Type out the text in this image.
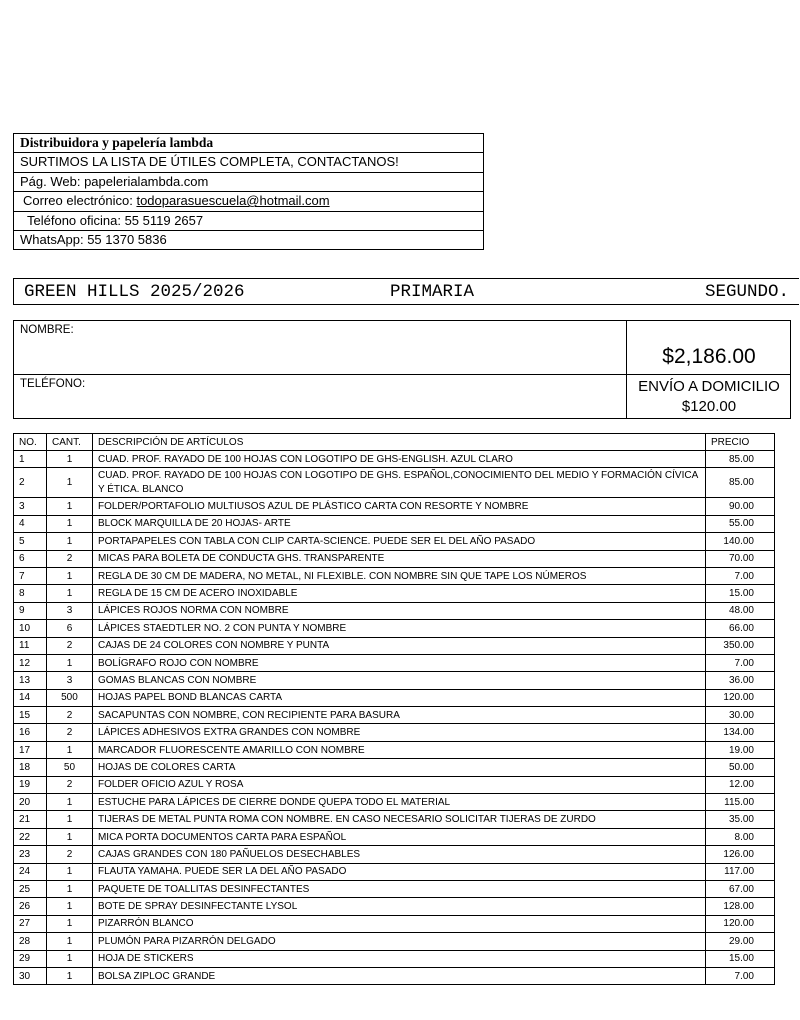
Distribuidora y papelería lambda
SURTIMOS LA LISTA DE ÚTILES COMPLETA, CONTACTANOS!
Pág. Web: papelerialambda.com
Correo electrónico: todoparasuescuela@hotmail.com
Teléfono oficina: 55 5119 2657
WhatsApp: 55 1370 5836
GREEN HILLS 2025/2026	PRIMARIA	SEGUNDO.
NOMBRE:
TELÉFONO:
$2,186.00
ENVÍO A DOMICILIO
$120.00
NO.	CANT.	DESCRIPCIÓN DE ARTÍCULOS	PRECIO
1	1	CUAD. PROF. RAYADO DE 100 HOJAS CON LOGOTIPO DE GHS-ENGLISH. AZUL CLARO	85.00
2	1	CUAD. PROF. RAYADO DE 100 HOJAS CON LOGOTIPO DE GHS. ESPAÑOL,CONOCIMIENTO DEL MEDIO Y FORMACIÓN CÍVICA Y ÉTICA. BLANCO	85.00
3	1	FOLDER/PORTAFOLIO MULTIUSOS AZUL DE PLÁSTICO CARTA CON RESORTE Y NOMBRE	90.00
4	1	BLOCK MARQUILLA DE 20 HOJAS- ARTE	55.00
5	1	PORTAPAPELES CON TABLA CON CLIP CARTA-SCIENCE. PUEDE SER EL DEL AÑO PASADO	140.00
6	2	MICAS PARA BOLETA DE CONDUCTA GHS. TRANSPARENTE	70.00
7	1	REGLA DE 30 CM DE MADERA, NO METAL, NI FLEXIBLE. CON NOMBRE SIN QUE TAPE LOS NÚMEROS	7.00
8	1	REGLA DE 15 CM DE ACERO INOXIDABLE	15.00
9	3	LÁPICES ROJOS NORMA CON NOMBRE	48.00
10	6	LÁPICES STAEDTLER NO. 2 CON PUNTA Y NOMBRE	66.00
11	2	CAJAS DE 24 COLORES CON NOMBRE Y PUNTA	350.00
12	1	BOLÍGRAFO ROJO CON NOMBRE	7.00
13	3	GOMAS BLANCAS CON NOMBRE	36.00
14	500	HOJAS PAPEL BOND BLANCAS CARTA	120.00
15	2	SACAPUNTAS CON NOMBRE, CON RECIPIENTE PARA BASURA	30.00
16	2	LÁPICES ADHESIVOS EXTRA GRANDES CON NOMBRE	134.00
17	1	MARCADOR FLUORESCENTE AMARILLO CON NOMBRE	19.00
18	50	HOJAS DE COLORES CARTA	50.00
19	2	FOLDER OFICIO AZUL Y ROSA	12.00
20	1	ESTUCHE PARA LÁPICES DE CIERRE DONDE QUEPA TODO EL MATERIAL	115.00
21	1	TIJERAS DE METAL PUNTA ROMA CON NOMBRE. EN CASO NECESARIO SOLICITAR TIJERAS DE ZURDO	35.00
22	1	MICA PORTA DOCUMENTOS CARTA PARA ESPAÑOL	8.00
23	2	CAJAS GRANDES CON 180 PAÑUELOS DESECHABLES	126.00
24	1	FLAUTA YAMAHA. PUEDE SER LA DEL AÑO PASADO	117.00
25	1	PAQUETE DE TOALLITAS DESINFECTANTES	67.00
26	1	BOTE DE SPRAY DESINFECTANTE LYSOL	128.00
27	1	PIZARRÓN BLANCO	120.00
28	1	PLUMÓN PARA PIZARRÓN DELGADO	29.00
29	1	HOJA DE STICKERS	15.00
30	1	BOLSA ZIPLOC GRANDE	7.00
